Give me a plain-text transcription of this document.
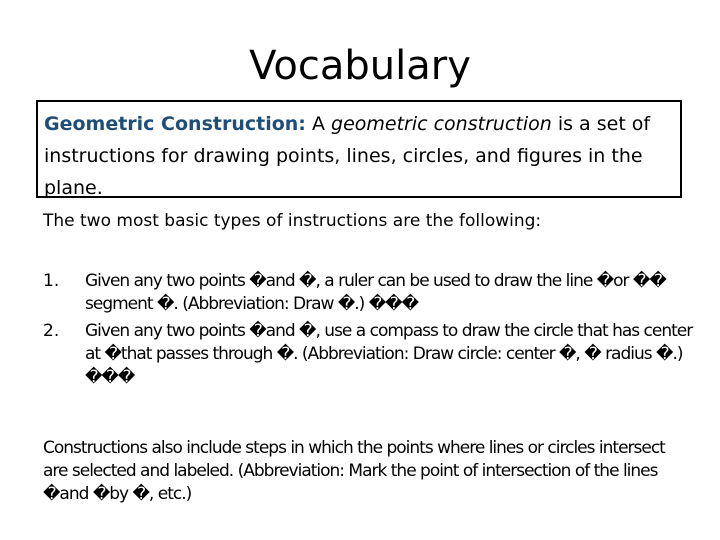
Vocabulary
Geometric Construction: A geometric construction is a set of instructions for drawing points, lines, circles, and figures in the plane.
The two most basic types of instructions are the following:
1. Given any two points �and �, a ruler can be used to draw the line �or �� segment �. (Abbreviation: Draw �.) ���
2. Given any two points �and �, use a compass to draw the circle that has center at �that passes through �. (Abbreviation: Draw circle: center �, � radius �.) ���
Constructions also include steps in which the points where lines or circles intersect are selected and labeled. (Abbreviation: Mark the point of intersection of the lines �and �by �, etc.)
